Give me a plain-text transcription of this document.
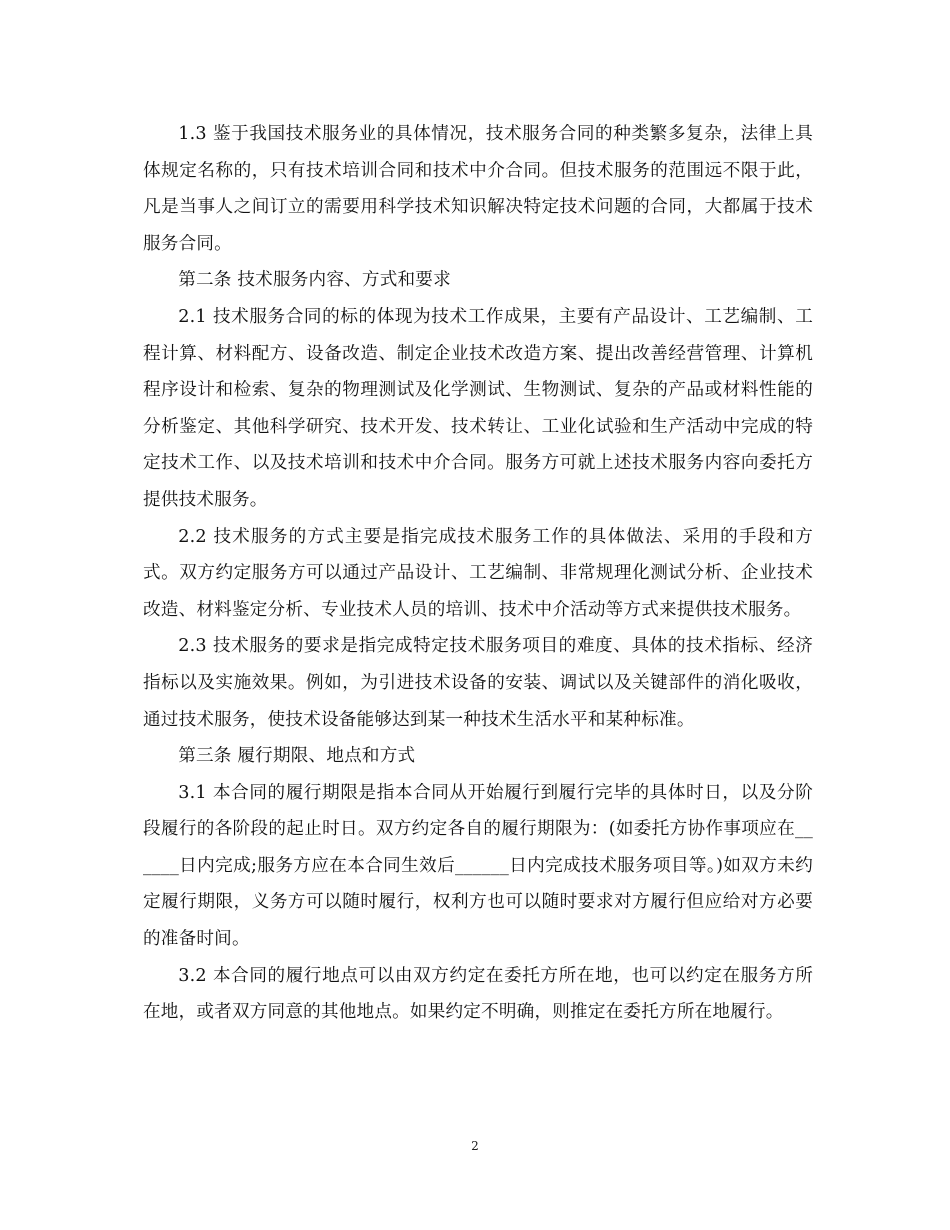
1.3 鉴于我国技术服务业的具体情况，技术服务合同的种类繁多复杂，法律上具体规定名称的，只有技术培训合同和技术中介合同。但技术服务的范围远不限于此，凡是当事人之间订立的需要用科学技术知识解决特定技术问题的合同，大都属于技术服务合同。

第二条 技术服务内容、方式和要求

2.1 技术服务合同的标的体现为技术工作成果，主要有产品设计、工艺编制、工程计算、材料配方、设备改造、制定企业技术改造方案、提出改善经营管理、计算机程序设计和检索、复杂的物理测试及化学测试、生物测试、复杂的产品或材料性能的分析鉴定、其他科学研究、技术开发、技术转让、工业化试验和生产活动中完成的特定技术工作、以及技术培训和技术中介合同。服务方可就上述技术服务内容向委托方提供技术服务。

2.2 技术服务的方式主要是指完成技术服务工作的具体做法、采用的手段和方式。双方约定服务方可以通过产品设计、工艺编制、非常规理化测试分析、企业技术改造、材料鉴定分析、专业技术人员的培训、技术中介活动等方式来提供技术服务。

2.3 技术服务的要求是指完成特定技术服务项目的难度、具体的技术指标、经济指标以及实施效果。例如，为引进技术设备的安装、调试以及关键部件的消化吸收，通过技术服务，使技术设备能够达到某一种技术生活水平和某种标准。

第三条 履行期限、地点和方式

3.1 本合同的履行期限是指本合同从开始履行到履行完毕的具体时日，以及分阶段履行的各阶段的起止时日。双方约定各自的履行期限为：(如委托方协作事项应在______日内完成;服务方应在本合同生效后______日内完成技术服务项目等。)如双方未约定履行期限，义务方可以随时履行，权利方也可以随时要求对方履行但应给对方必要的准备时间。

3.2 本合同的履行地点可以由双方约定在委托方所在地，也可以约定在服务方所在地，或者双方同意的其他地点。如果约定不明确，则推定在委托方所在地履行。

2
